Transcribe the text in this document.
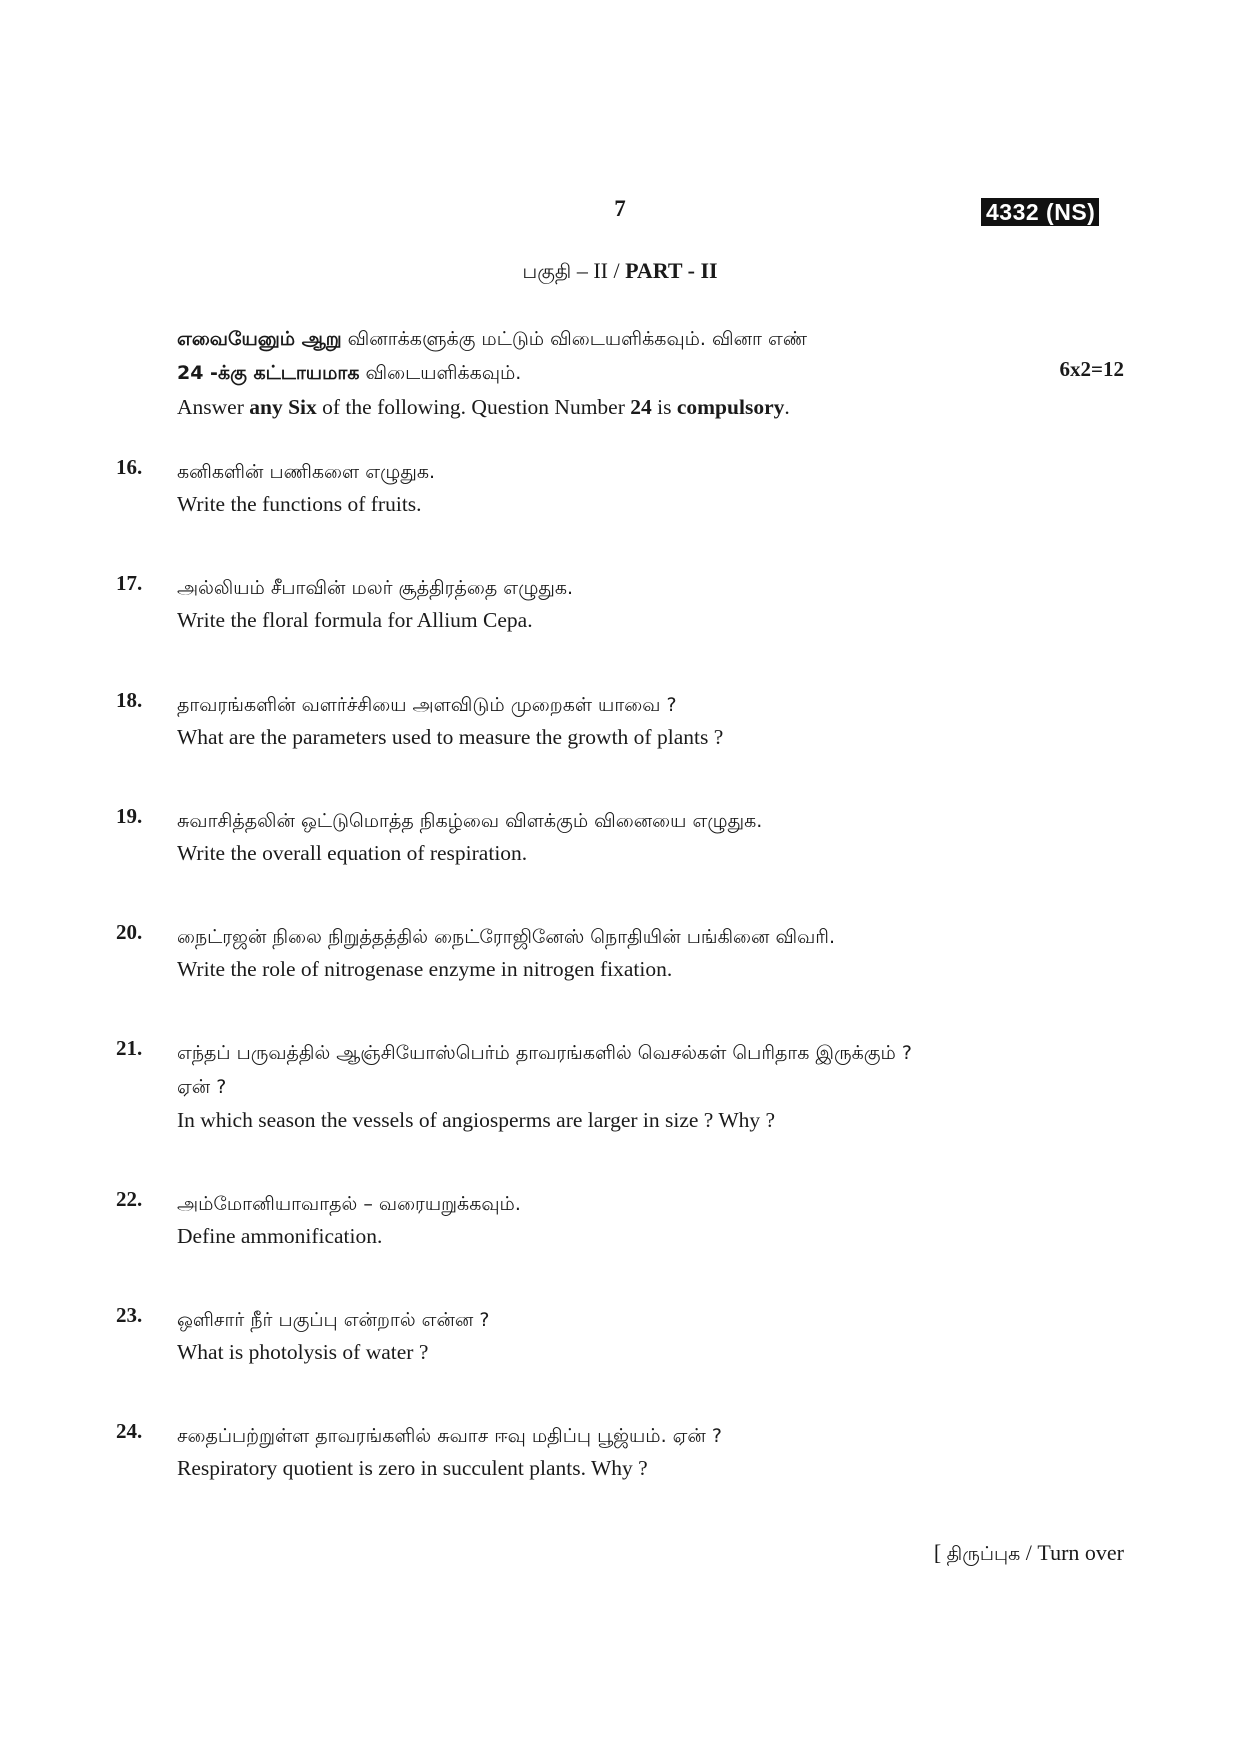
7	4332 (NS)
பகுதி – II / PART - II
எவையேனும் ஆறு வினாக்களுக்கு மட்டும் விடையளிக்கவும். வினா எண்
24 -க்கு கட்டாயமாக விடையளிக்கவும்.	6x2=12
Answer any Six of the following. Question Number 24 is compulsory.
16. கனிகளின் பணிகளை எழுதுக.
Write the functions of fruits.
17. அல்லியம் சீபாவின் மலர் சூத்திரத்தை எழுதுக.
Write the floral formula for Allium Cepa.
18. தாவரங்களின் வளர்ச்சியை அளவிடும் முறைகள் யாவை ?
What are the parameters used to measure the growth of plants ?
19. சுவாசித்தலின் ஒட்டுமொத்த நிகழ்வை விளக்கும் வினையை எழுதுக.
Write the overall equation of respiration.
20. நைட்ரஜன் நிலை நிறுத்தத்தில் நைட்ரோஜினேஸ் நொதியின் பங்கினை விவரி.
Write the role of nitrogenase enzyme in nitrogen fixation.
21. எந்தப் பருவத்தில் ஆஞ்சியோஸ்பெர்ம் தாவரங்களில் வெசல்கள் பெரிதாக இருக்கும் ?
ஏன் ?
In which season the vessels of angiosperms are larger in size ? Why ?
22. அம்மோனியாவாதல் – வரையறுக்கவும்.
Define ammonification.
23. ஒளிசார் நீர் பகுப்பு என்றால் என்ன ?
What is photolysis of water ?
24. சதைப்பற்றுள்ள தாவரங்களில் சுவாச ஈவு மதிப்பு பூஜ்யம். ஏன் ?
Respiratory quotient is zero in succulent plants. Why ?
[ திருப்புக / Turn over
